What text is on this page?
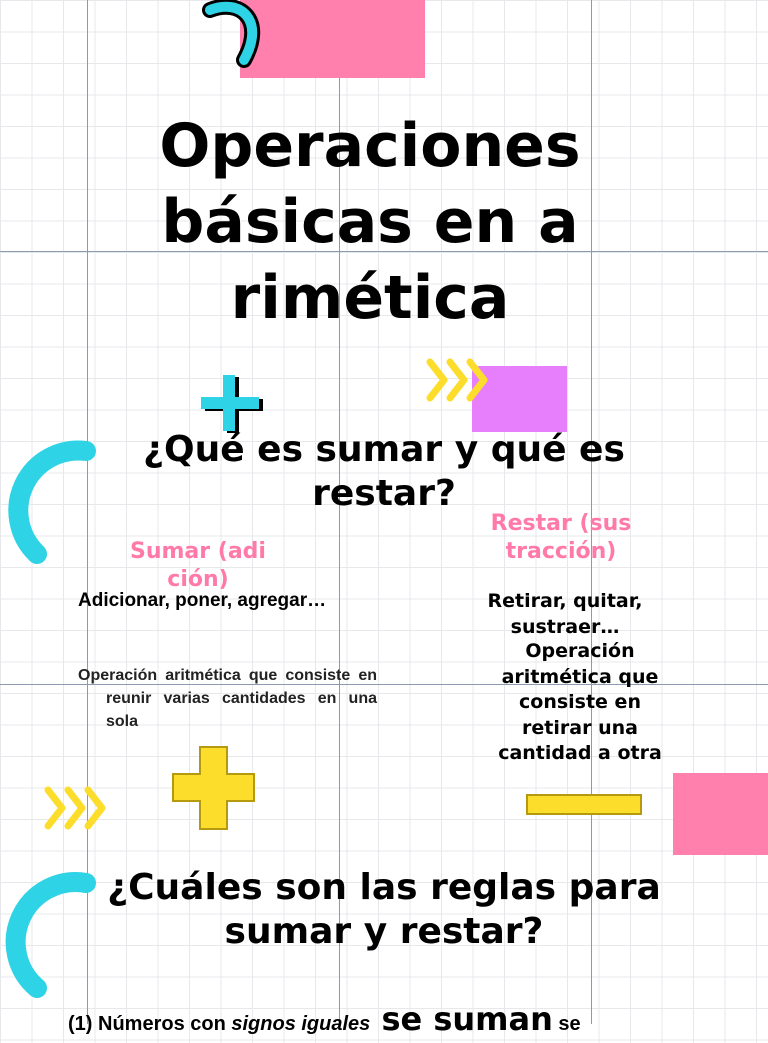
Operaciones básicas en arimética
¿Qué es sumar y qué es restar?
Sumar (adición)
Restar (sustracción)
Adicionar, poner, agregar…
Operación aritmética que consiste en reunir varias cantidades en una sola
Retirar, quitar, sustraer…
Operación aritmética que consiste en retirar una cantidad a otra
¿Cuáles son las reglas para sumar y restar?
(1) Números con signos iguales se suman se
